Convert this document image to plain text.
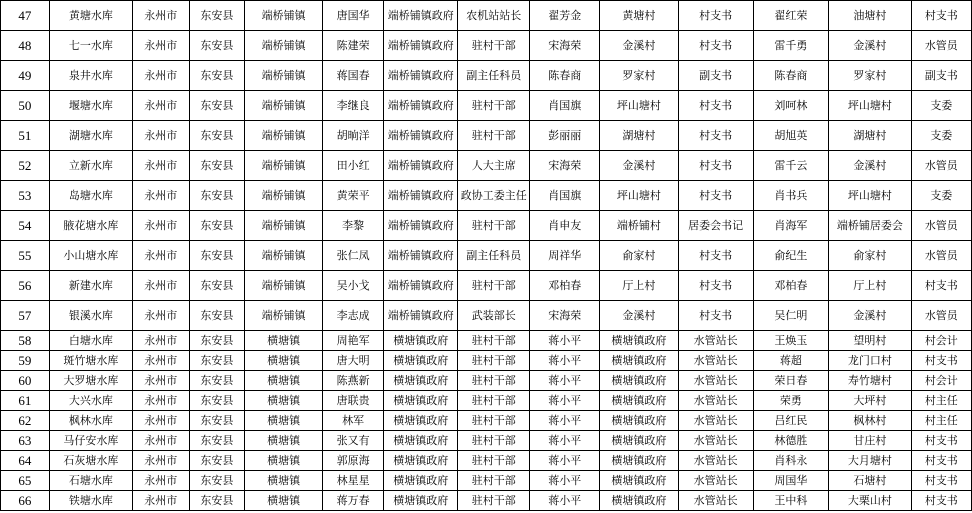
47	黄塘水库	永州市	东安县	端桥铺镇	唐国华	端桥铺镇政府	农机站站长	翟芳金	黄塘村	村支书	翟红荣	油塘村	村支书
48	七一水库	永州市	东安县	端桥铺镇	陈建荣	端桥铺镇政府	驻村干部	宋海荣	金溪村	村支书	雷千勇	金溪村	水管员
49	泉井水库	永州市	东安县	端桥铺镇	蒋国春	端桥铺镇政府	副主任科员	陈春商	罗家村	副支书	陈春商	罗家村	副支书
50	堰塘水库	永州市	东安县	端桥铺镇	李继良	端桥铺镇政府	驻村干部	肖国旗	坪山塘村	村支书	刘呵林	坪山塘村	支委
51	湖塘水库	永州市	东安县	端桥铺镇	胡晌洋	端桥铺镇政府	驻村干部	彭丽丽	湖塘村	村支书	胡旭英	湖塘村	支委
52	立新水库	永州市	东安县	端桥铺镇	田小红	端桥铺镇政府	人大主席	宋海荣	金溪村	村支书	雷千云	金溪村	水管员
53	岛塘水库	永州市	东安县	端桥铺镇	黄荣平	端桥铺镇政府	政协工委主任	肖国旗	坪山塘村	村支书	肖书兵	坪山塘村	支委
54	腋花塘水库	永州市	东安县	端桥铺镇	李黎	端桥铺镇政府	驻村干部	肖申友	端桥铺村	居委会书记	肖海军	端桥铺居委会	水管员
55	小山塘水库	永州市	东安县	端桥铺镇	张仁凤	端桥铺镇政府	副主任科员	周祥华	俞家村	村支书	俞纪生	俞家村	水管员
56	新建水库	永州市	东安县	端桥铺镇	吴小戈	端桥铺镇政府	驻村干部	邓柏春	厅上村	村支书	邓柏春	厅上村	村支书
57	银溪水库	永州市	东安县	端桥铺镇	李志成	端桥铺镇政府	武装部长	宋海荣	金溪村	村支书	吴仁明	金溪村	水管员
58	白塘水库	永州市	东安县	横塘镇	周艳军	横塘镇政府	驻村干部	蒋小平	横塘镇政府	水管站长	王焕玉	望明村	村会计
59	斑竹塘水库	永州市	东安县	横塘镇	唐大明	横塘镇政府	驻村干部	蒋小平	横塘镇政府	水管站长	蒋超	龙门口村	村支书
60	大罗塘水库	永州市	东安县	横塘镇	陈燕新	横塘镇政府	驻村干部	蒋小平	横塘镇政府	水管站长	荣日春	寿竹塘村	村会计
61	大兴水库	永州市	东安县	横塘镇	唐联贵	横塘镇政府	驻村干部	蒋小平	横塘镇政府	水管站长	荣勇	大坪村	村主任
62	枫林水库	永州市	东安县	横塘镇	林军	横塘镇政府	驻村干部	蒋小平	横塘镇政府	水管站长	吕红民	枫林村	村主任
63	马仔安水库	永州市	东安县	横塘镇	张又有	横塘镇政府	驻村干部	蒋小平	横塘镇政府	水管站长	林德胜	甘庄村	村支书
64	石灰塘水库	永州市	东安县	横塘镇	郭原海	横塘镇政府	驻村干部	蒋小平	横塘镇政府	水管站长	肖科永	大月塘村	村支书
65	石塘水库	永州市	东安县	横塘镇	林星星	横塘镇政府	驻村干部	蒋小平	横塘镇政府	水管站长	周国华	石塘村	村支书
66	铁塘水库	永州市	东安县	横塘镇	蒋万春	横塘镇政府	驻村干部	蒋小平	横塘镇政府	水管站长	王中科	大栗山村	村支书
